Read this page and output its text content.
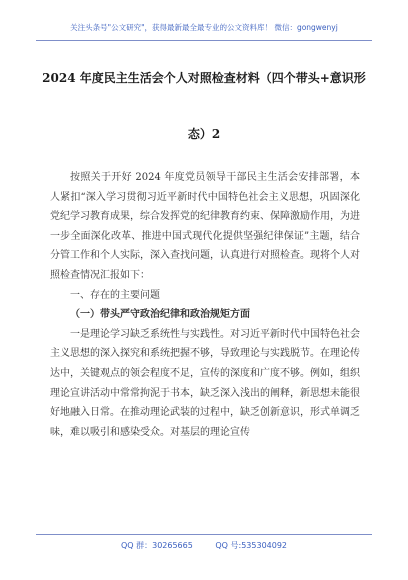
关注头条号"公文研究"，获得最新最全最专业的公文资料库！ 微信：gongwenyj
2024 年度民主生活会个人对照检查材料（四个带头+意识形
态）2

按照关于开好 2024 年度党员领导干部民主生活会安排部署，本人紧扣“深入学习贯彻习近平新时代中国特色社会主义思想，巩固深化党纪学习教育成果，综合发挥党的纪律教育约束、保障激励作用，为进一步全面深化改革、推进中国式现代化提供坚强纪律保证”主题，结合分管工作和个人实际，深入查找问题，认真进行对照检查。现将个人对照检查情况汇报如下：

一、存在的主要问题

（一）带头严守政治纪律和政治规矩方面

一是理论学习缺乏系统性与实践性。对习近平新时代中国特色社会主义思想的深入探究和系统把握不够，导致理论与实践脱节。在理论传达中，关键观点的领会程度不足，宣传的深度和广度不够。例如，组织理论宣讲活动中常常拘泥于书本，缺乏深入浅出的阐释，新思想未能很好地融入日常。在推动理论武装的过程中，缺乏创新意识，形式单调乏味，难以吸引和感染受众。对基层的理论宣传

QQ 群：30265665	QQ 号:535304092
